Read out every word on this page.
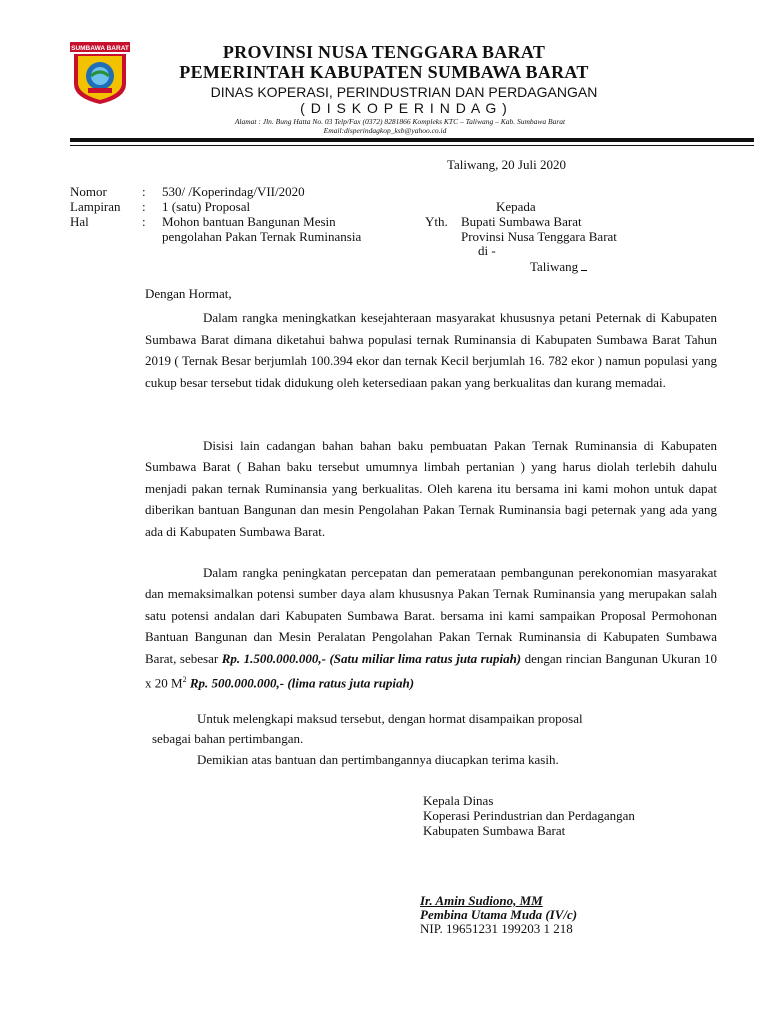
SUMBAWA BARAT	PROVINSI NUSA TENGGARA BARAT
PEMERINTAH KABUPATEN SUMBAWA BARAT
DINAS KOPERASI, PERINDUSTRIAN DAN PERDAGANGAN
( D I S K O P E R I N D A G )
Alamat : Jln. Bung Hatta No. 03 Telp/Fax (0372) 8281866 Kompleks KTC – Taliwang – Kab. Sumbawa Barat
Email:disperindagkop_ksb@yahoo.co.id
Taliwang, 20 Juli 2020
Nomor	: 530/ /Koperindag/VII/2020
Lampiran : 1 (satu) Proposal
Hal	: Mohon bantuan Bangunan Mesin
pengolahan Pakan Ternak Ruminansia
Kepada
Yth. Bupati Sumbawa Barat
Provinsi Nusa Tenggara Barat
di -
Taliwang
Dengan Hormat,
Dalam rangka meningkatkan kesejahteraan masyarakat khususnya petani Peternak di Kabupaten Sumbawa Barat dimana diketahui bahwa populasi ternak Ruminansia di Kabupaten Sumbawa Barat Tahun 2019 ( Ternak Besar berjumlah 100.394 ekor dan ternak Kecil berjumlah 16. 782 ekor ) namun populasi yang cukup besar tersebut tidak didukung oleh ketersediaan pakan yang berkualitas dan kurang memadai.
Disisi lain cadangan bahan bahan baku pembuatan Pakan Ternak Ruminansia di Kabupaten Sumbawa Barat ( Bahan baku tersebut umumnya limbah pertanian ) yang harus diolah terlebih dahulu menjadi pakan ternak Ruminansia yang berkualitas. Oleh karena itu bersama ini kami mohon untuk dapat diberikan bantuan Bangunan dan mesin Pengolahan Pakan Ternak Ruminansia bagi peternak yang ada yang ada di Kabupaten Sumbawa Barat.
Dalam rangka peningkatan percepatan dan pemerataan pembangunan perekonomian masyarakat dan memaksimalkan potensi sumber daya alam khususnya Pakan Ternak Ruminansia yang merupakan salah satu potensi andalan dari Kabupaten Sumbawa Barat. bersama ini kami sampaikan Proposal Permohonan Bantuan Bangunan dan Mesin Peralatan Pengolahan Pakan Ternak Ruminansia di Kabupaten Sumbawa Barat, sebesar Rp. 1.500.000.000,- (Satu miliar lima ratus juta rupiah) dengan rincian Bangunan Ukuran 10 x 20 $M^2$ Rp. 500.000.000,- (lima ratus juta rupiah)
Untuk melengkapi maksud tersebut, dengan hormat disampaikan proposal
sebagai bahan pertimbangan.
Demikian atas bantuan dan pertimbangannya diucapkan terima kasih.
Kepala Dinas
Koperasi Perindustrian dan Perdagangan
Kabupaten Sumbawa Barat
Ir. Amin Sudiono, MM
Pembina Utama Muda (IV/c)
NIP. 19651231 199203 1 218
